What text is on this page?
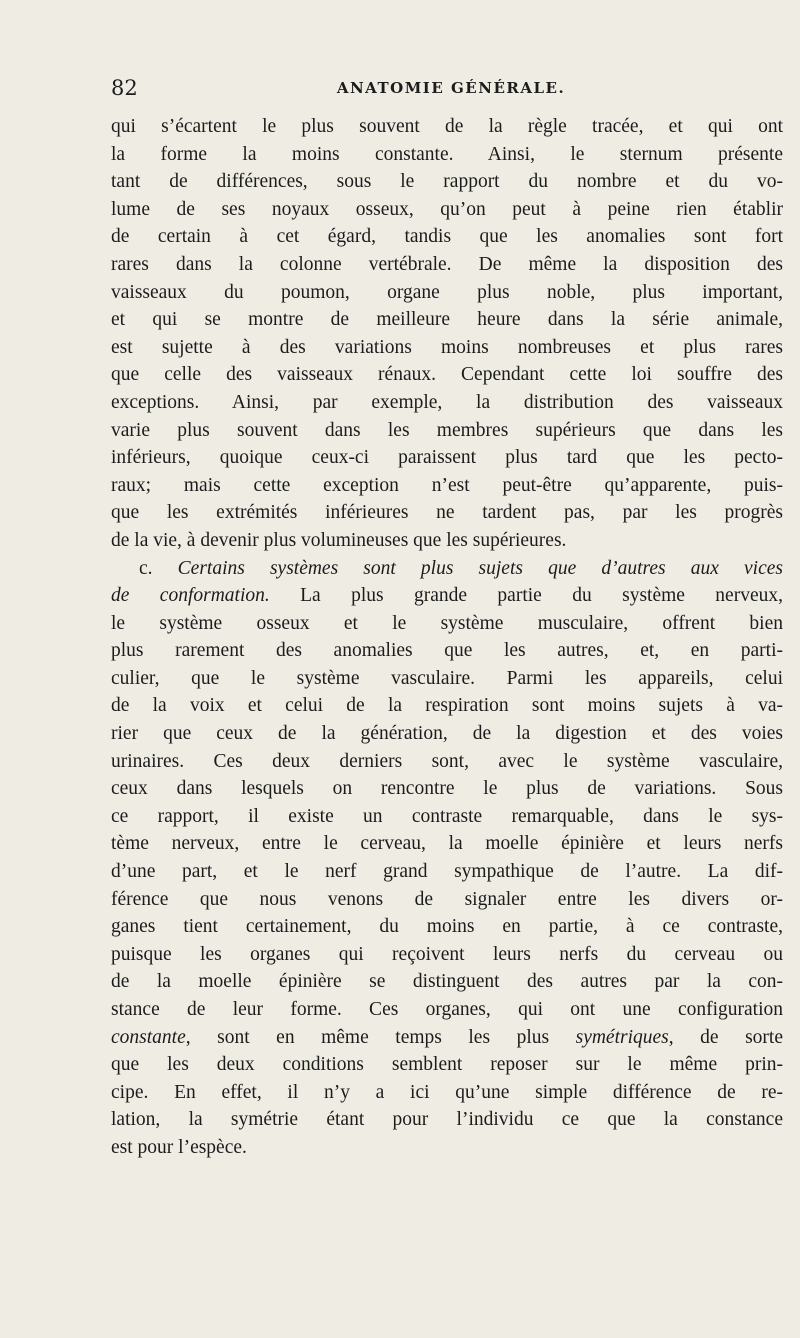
82	ANATOMIE GÉNÉRALE.
qui s’écartent le plus souvent de la règle tracée, et qui ont
la forme la moins constante. Ainsi, le sternum présente
tant de différences, sous le rapport du nombre et du vo-
lume de ses noyaux osseux, qu’on peut à peine rien établir
de certain à cet égard, tandis que les anomalies sont fort
rares dans la colonne vertébrale. De même la disposition des
vaisseaux du poumon, organe plus noble, plus important,
et qui se montre de meilleure heure dans la série animale,
est sujette à des variations moins nombreuses et plus rares
que celle des vaisseaux rénaux. Cependant cette loi souffre des
exceptions. Ainsi, par exemple, la distribution des vaisseaux
varie plus souvent dans les membres supérieurs que dans les
inférieurs, quoique ceux-ci paraissent plus tard que les pecto-
raux; mais cette exception n’est peut-être qu’apparente, puis-
que les extrémités inférieures ne tardent pas, par les progrès
de la vie, à devenir plus volumineuses que les supérieures.
c. Certains systèmes sont plus sujets que d’autres aux vices
de conformation. La plus grande partie du système nerveux,
le système osseux et le système musculaire, offrent bien
plus rarement des anomalies que les autres, et, en parti-
culier, que le système vasculaire. Parmi les appareils, celui
de la voix et celui de la respiration sont moins sujets à va-
rier que ceux de la génération, de la digestion et des voies
urinaires. Ces deux derniers sont, avec le système vasculaire,
ceux dans lesquels on rencontre le plus de variations. Sous
ce rapport, il existe un contraste remarquable, dans le sys-
tème nerveux, entre le cerveau, la moelle épinière et leurs nerfs
d’une part, et le nerf grand sympathique de l’autre. La dif-
férence que nous venons de signaler entre les divers or-
ganes tient certainement, du moins en partie, à ce contraste,
puisque les organes qui reçoivent leurs nerfs du cerveau ou
de la moelle épinière se distinguent des autres par la con-
stance de leur forme. Ces organes, qui ont une configuration
constante, sont en même temps les plus symétriques, de sorte
que les deux conditions semblent reposer sur le même prin-
cipe. En effet, il n’y a ici qu’une simple différence de re-
lation, la symétrie étant pour l’individu ce que la constance
est pour l’espèce.
